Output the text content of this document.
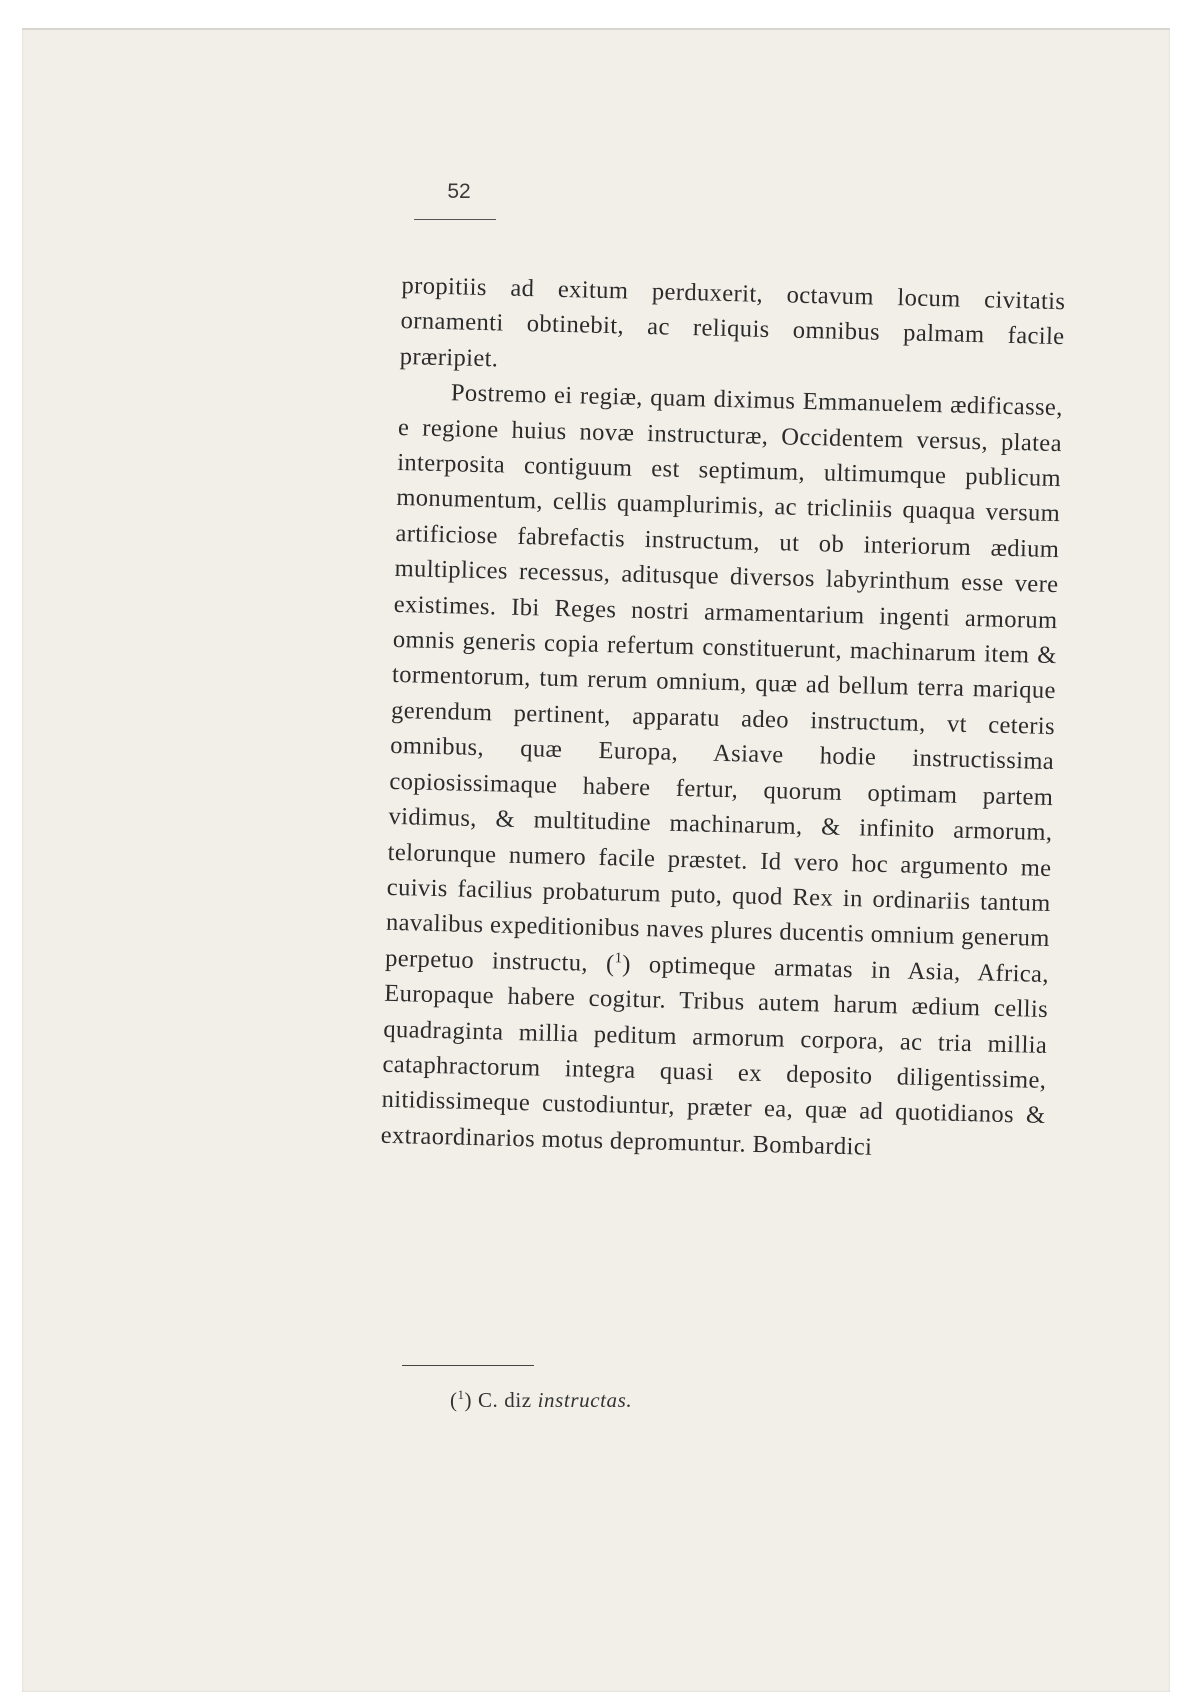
52

propitiis ad exitum perduxerit, octavum locum civitatis ornamenti obtinebit, ac reliquis omnibus palmam facile præripiet.

Postremo ei regiæ, quam diximus Emmanuelem ædificasse, e regione huius novæ instructuræ, Occidentem versus, platea interposita contiguum est septimum, ultimumque publicum monumentum, cellis quamplurimis, ac tricliniis quaqua versum artificiose fabrefactis instructum, ut ob interiorum ædium multiplices recessus, aditusque diversos labyrinthum esse vere existimes. Ibi Reges nostri armamentarium ingenti armorum omnis generis copia refertum constituerunt, machinarum item & tormentorum, tum rerum omnium, quæ ad bellum terra marique gerendum pertinent, apparatu adeo instructum, vt ceteris omnibus, quæ Europa, Asiave hodie instructissima copiosissimaque habere fertur, quorum optimam partem vidimus, & multitudine machinarum, & infinito armorum, telorunque numero facile præstet. Id vero hoc argumento me cuivis facilius probaturum puto, quod Rex in ordinariis tantum navalibus expeditionibus naves plures ducentis omnium generum perpetuo instructu, ($^1$) optimeque armatas in Asia, Africa, Europaque habere cogitur. Tribus autem harum ædium cellis quadraginta millia peditum armorum corpora, ac tria millia cataphractorum integra quasi ex deposito diligentissime, nitidissimeque custodiuntur, præter ea, quæ ad quotidianos & extraordinarios motus depromuntur. Bombardici

($^1$) C. diz instructas.
